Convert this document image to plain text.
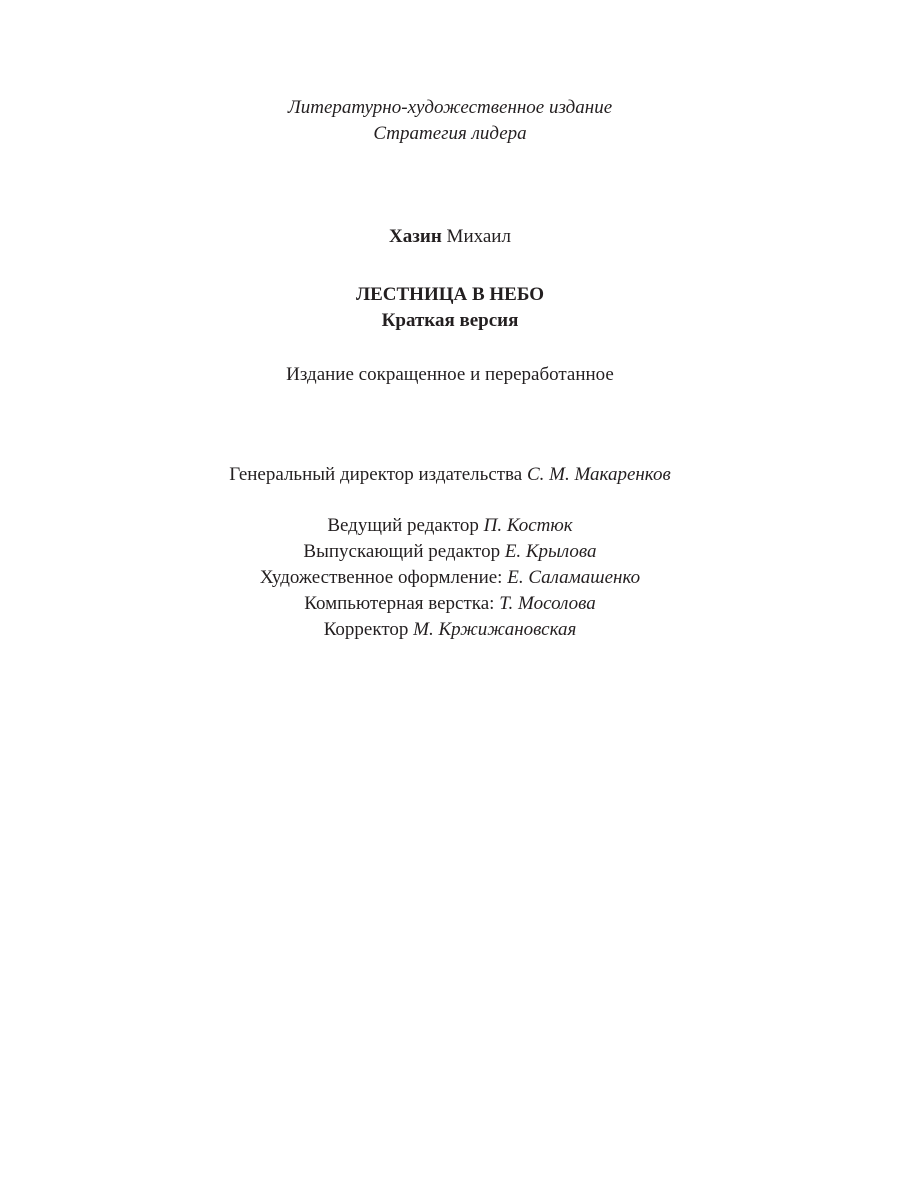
Литературно-художественное издание
Стратегия лидера
Хазин Михаил
ЛЕСТНИЦА В НЕБО
Краткая версия
Издание сокращенное и переработанное
Генеральный директор издательства С. М. Макаренков
Ведущий редактор П. Костюк
Выпускающий редактор Е. Крылова
Художественное оформление: Е. Саламашенко
Компьютерная верстка: Т. Мосолова
Корректор М. Кржижановская
